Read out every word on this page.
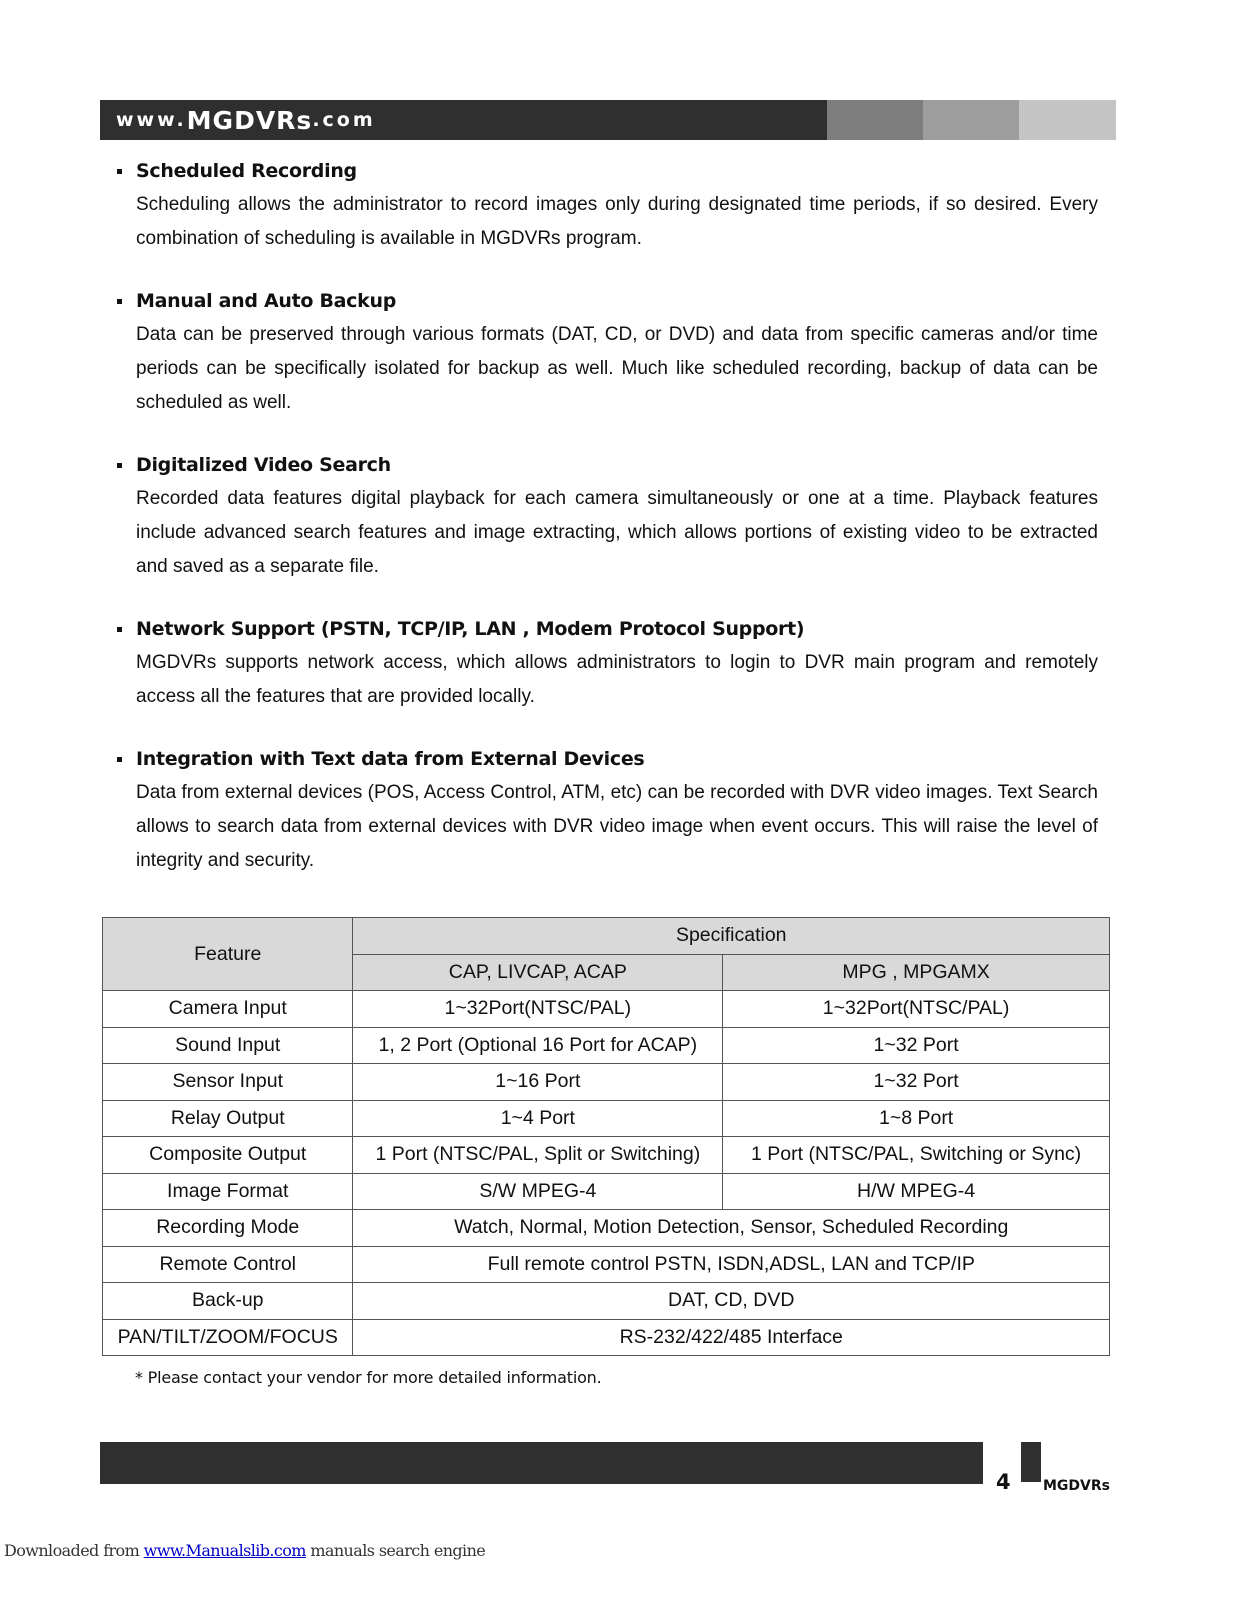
www. MGDVRs .com
Scheduled Recording
Scheduling allows the administrator to record images only during designated time periods, if so desired. Every combination of scheduling is available in MGDVRs program.
Manual and Auto Backup
Data can be preserved through various formats (DAT, CD, or DVD) and data from specific cameras and/or time periods can be specifically isolated for backup as well. Much like scheduled recording, backup of data can be scheduled as well.
Digitalized Video Search
Recorded data features digital playback for each camera simultaneously or one at a time. Playback features include advanced search features and image extracting, which allows portions of existing video to be extracted and saved as a separate file.
Network Support (PSTN, TCP/IP, LAN , Modem Protocol Support)
MGDVRs supports network access, which allows administrators to login to DVR main program and remotely access all the features that are provided locally.
Integration with Text data from External Devices
Data from external devices (POS, Access Control, ATM, etc) can be recorded with DVR video images. Text Search allows to search data from external devices with DVR video image when event occurs. This will raise the level of integrity and security.
Feature	Specification	
	CAP, LIVCAP, ACAP	MPG , MPGAMX
Camera Input	1~32Port(NTSC/PAL)	1~32Port(NTSC/PAL)
Sound Input	1, 2 Port (Optional 16 Port for ACAP)	1~32 Port
Sensor Input	1~16 Port	1~32 Port
Relay Output	1~4 Port	1~8 Port
Composite Output	1 Port (NTSC/PAL, Split or Switching)	1 Port (NTSC/PAL, Switching or Sync)
Image Format	S/W MPEG-4	H/W MPEG-4
Recording Mode	Watch, Normal, Motion Detection, Sensor, Scheduled Recording	
Remote Control	Full remote control PSTN, ISDN,ADSL, LAN and TCP/IP	
Back-up	DAT, CD, DVD	
PAN/TILT/ZOOM/FOCUS	RS-232/422/485 Interface	
* Please contact your vendor for more detailed information.
4 MGDVRs
Downloaded from www.Manualslib.com manuals search engine
